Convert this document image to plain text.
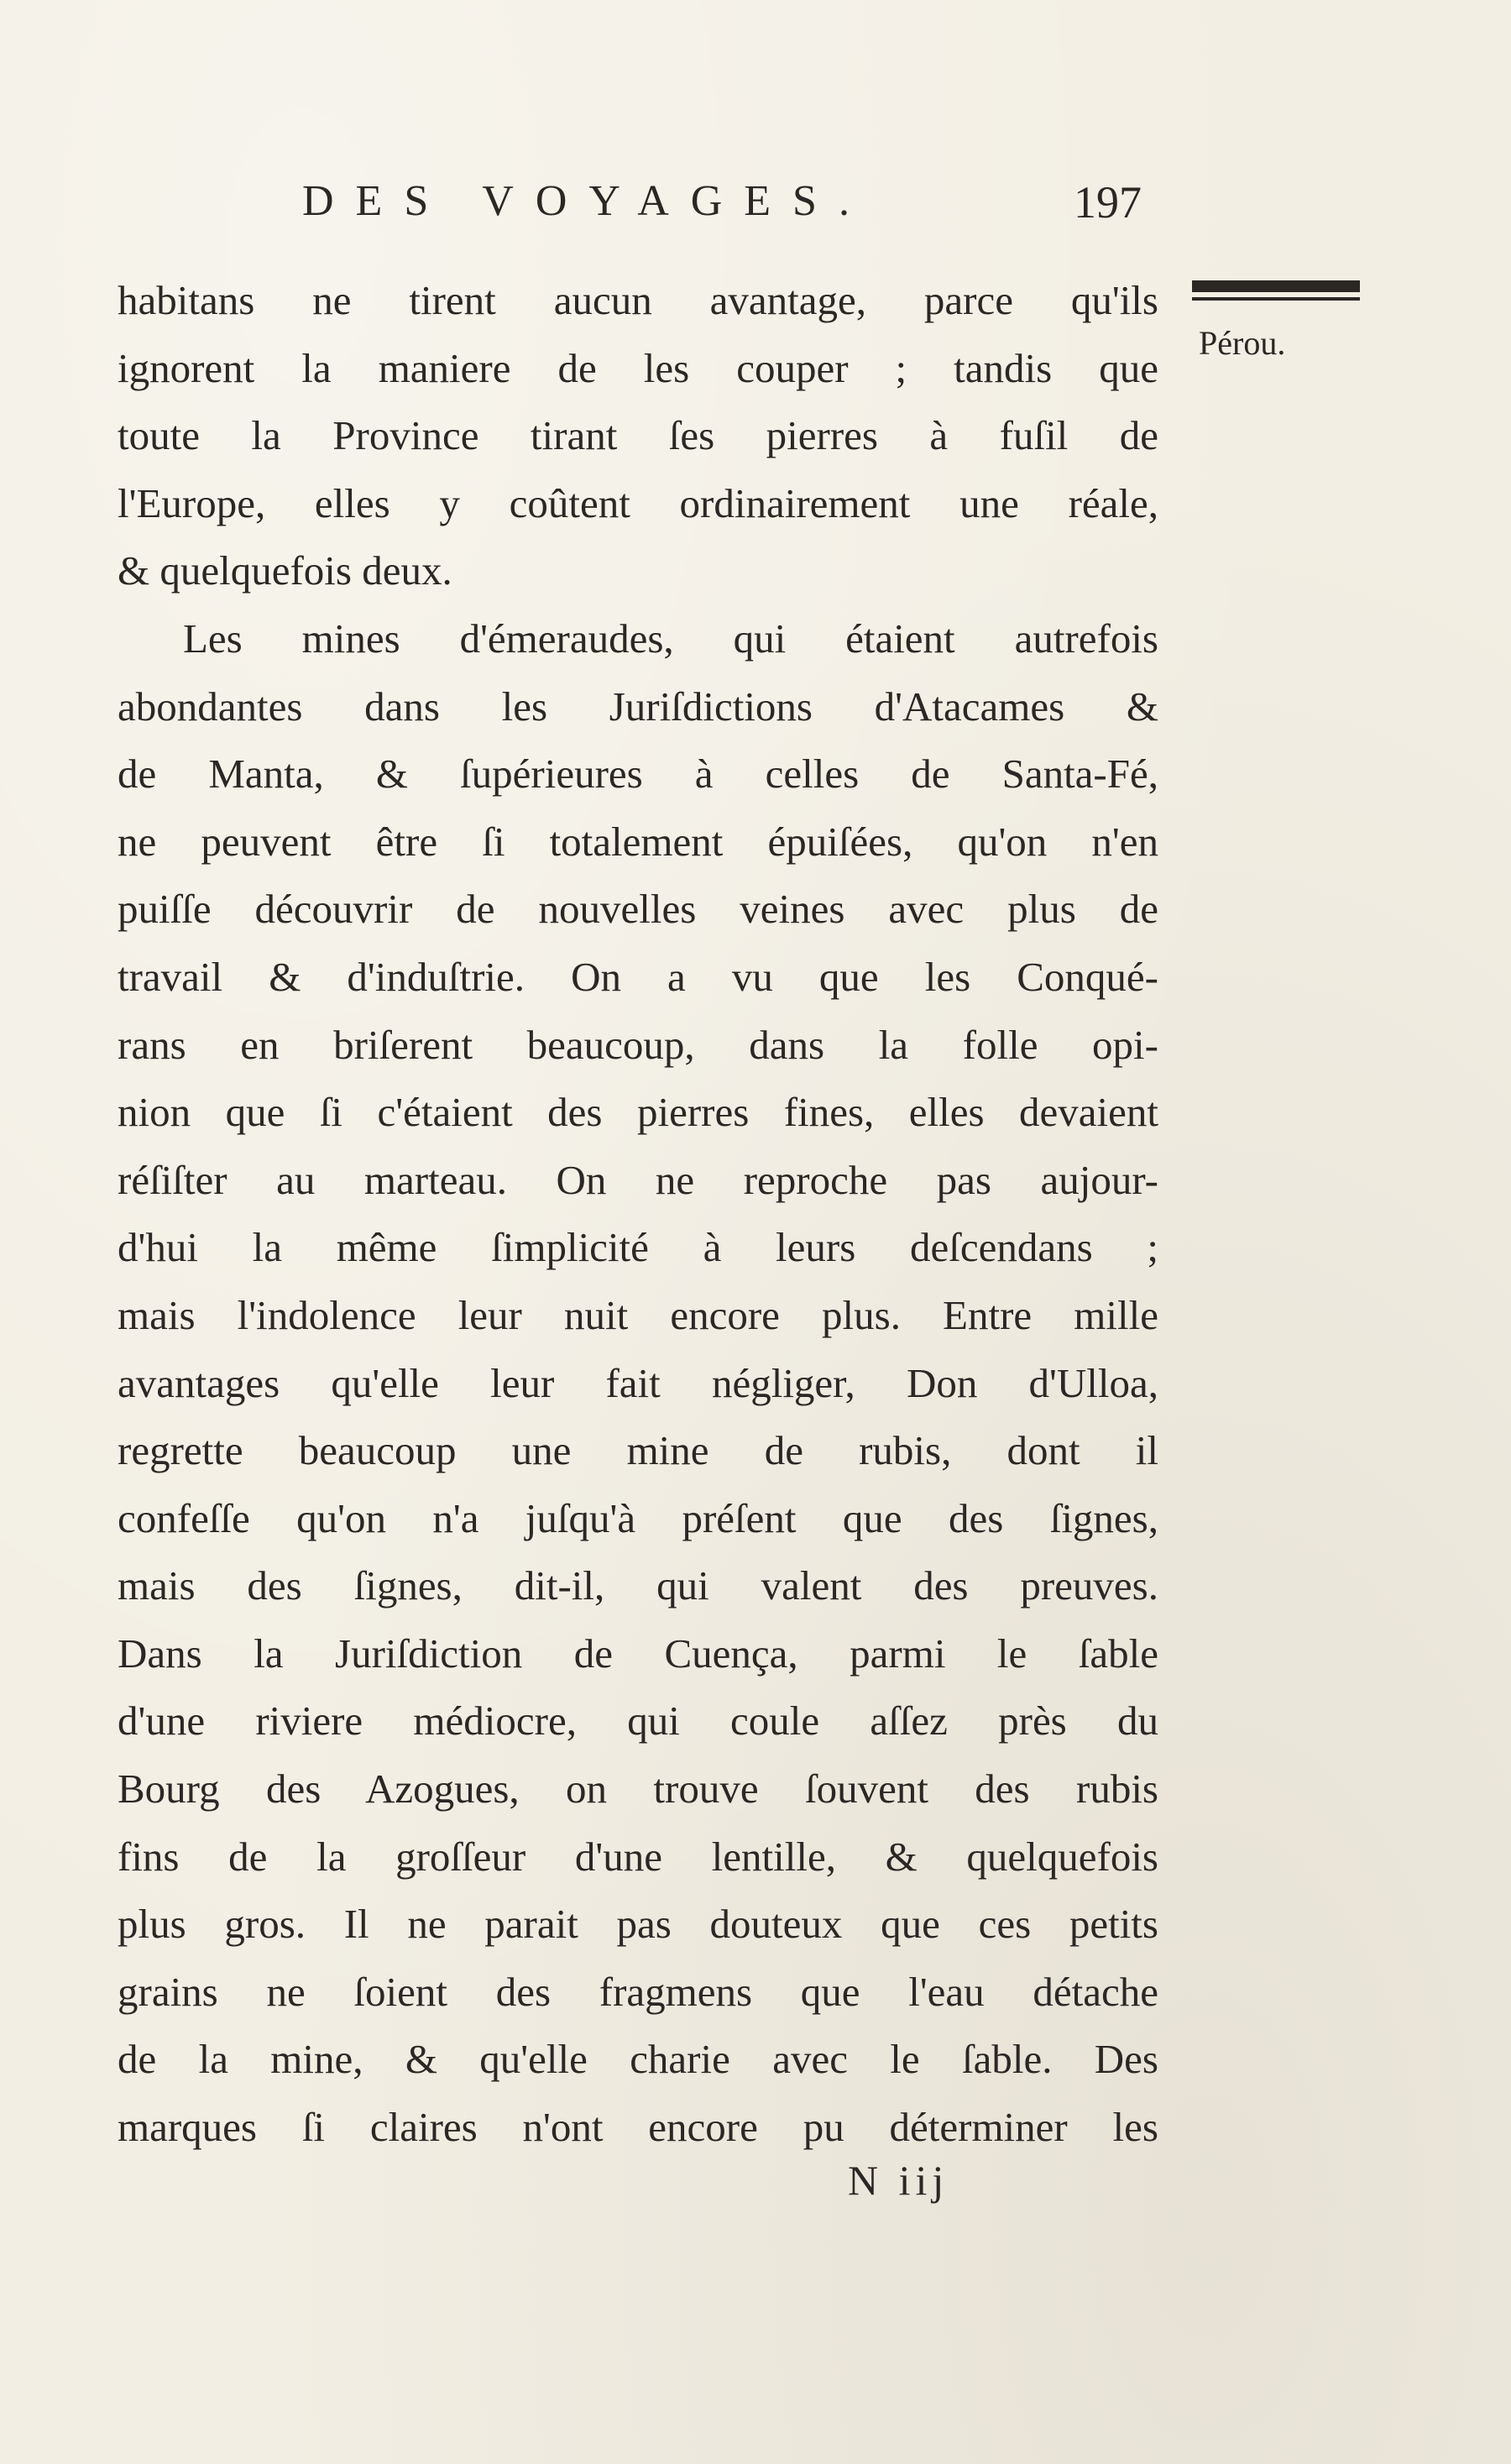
DES VOYAGES.	197
Pérou.
habitans ne tirent aucun avantage, parce qu'ils
ignorent la maniere de les couper ; tandis que
toute la Province tirant ſes pierres à fuſil de
l'Europe, elles y coûtent ordinairement une réale,
& quelquefois deux.
Les mines d'émeraudes, qui étaient autrefois
abondantes dans les Juriſdictions d'Atacames &
de Manta, & ſupérieures à celles de Santa-Fé,
ne peuvent être ſi totalement épuiſées, qu'on n'en
puiſſe découvrir de nouvelles veines avec plus de
travail & d'induſtrie. On a vu que les Conqué-
rans en briſerent beaucoup, dans la folle opi-
nion que ſi c'étaient des pierres fines, elles devaient
réſiſter au marteau. On ne reproche pas aujour-
d'hui la même ſimplicité à leurs deſcendans ;
mais l'indolence leur nuit encore plus. Entre mille
avantages qu'elle leur fait négliger, Don d'Ulloa,
regrette beaucoup une mine de rubis, dont il
confeſſe qu'on n'a juſqu'à préſent que des ſignes,
mais des ſignes, dit-il, qui valent des preuves.
Dans la Juriſdiction de Cuença, parmi le ſable
d'une riviere médiocre, qui coule aſſez près du
Bourg des Azogues, on trouve ſouvent des rubis
fins de la groſſeur d'une lentille, & quelquefois
plus gros. Il ne parait pas douteux que ces petits
grains ne ſoient des fragmens que l'eau détache
de la mine, & qu'elle charie avec le ſable. Des
marques ſi claires n'ont encore pu déterminer les
N iij
